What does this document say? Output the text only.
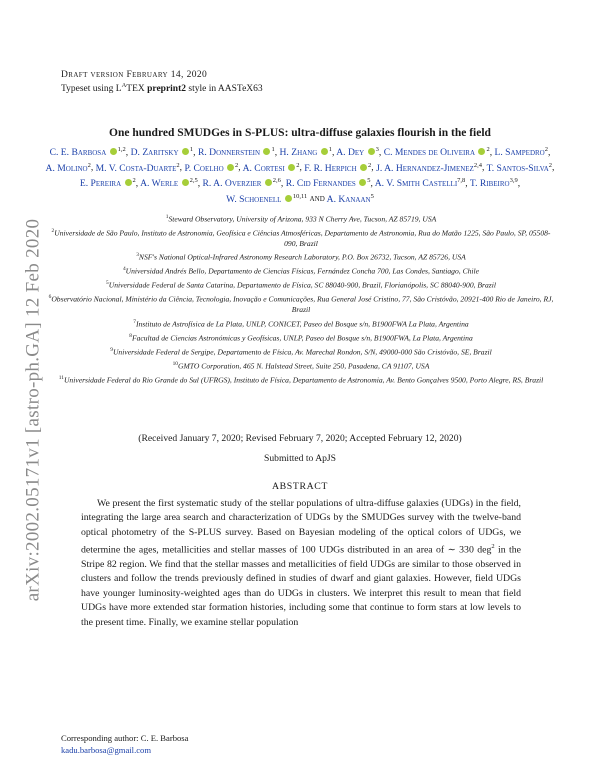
arXiv:2002.05171v1 [astro-ph.GA] 12 Feb 2020
Draft version February 14, 2020
Typeset using $L^ATEX$ preprint2 style in AASTeX63
One hundred SMUDGes in S-PLUS: ultra-diffuse galaxies flourish in the field
C. E. Barbosa $^{1,2}$, D. Zaritsky $^1$, R. Donnerstein $^1$, H. Zhang $^1$, A. Dey $^3$, C. Mendes de Oliveira $^2$, L. Sampedro$^2$, A. Molino$^2$, M. V. Costa-Duarte$^2$, P. Coelho $^2$, A. Cortesi $^2$, F. R. Herpich $^2$, J. A. Hernandez-Jimenez$^{2,4}$, T. Santos-Silva$^2$, E. Pereira $^2$, A. Werle $^{2,5}$, R. A. Overzier $^{2,6}$, R. Cid Fernandes $^5$, A. V. Smith Castelli$^{7,8}$, T. Ribeiro$^{3,9}$, W. Schoenell $^{10,11}$ and A. Kanaan$^5$
$^1$Steward Observatory, University of Arizona, 933 N Cherry Ave, Tucson, AZ 85719, USA
$^2$Universidade de São Paulo, Instituto de Astronomia, Geofísica e Ciências Atmosféricas, Departamento de Astronomia, Rua do Matão 1225, São Paulo, SP, 05508-090, Brazil
$^3$NSF's National Optical-Infrared Astronomy Research Laboratory, P.O. Box 26732, Tucson, AZ 85726, USA
$^4$Universidad Andrés Bello, Departamento de Ciencias Físicas, Fernández Concha 700, Las Condes, Santiago, Chile
$^5$Universidade Federal de Santa Catarina, Departamento de Física, SC 88040-900, Brazil, Florianópolis, SC 88040-900, Brazil
$^6$Observatório Nacional, Ministério da Ciência, Tecnologia, Inovação e Comunicações, Rua General José Cristino, 77, São Cristóvão, 20921-400 Rio de Janeiro, RJ, Brazil
$^7$Instituto de Astrofísica de La Plata, UNLP, CONICET, Paseo del Bosque s/n, B1900FWA La Plata, Argentina
$^8$Facultad de Ciencias Astronómicas y Geofísicas, UNLP, Paseo del Bosque s/n, B1900FWA, La Plata, Argentina
$^9$Universidade Federal de Sergipe, Departamento de Física, Av. Marechal Rondon, S/N, 49000-000 São Cristóvão, SE, Brazil
$^{10}$GMTO Corporation, 465 N. Halstead Street, Suite 250, Pasadena, CA 91107, USA
$^{11}$Universidade Federal do Rio Grande do Sul (UFRGS), Instituto de Física, Departamento de Astronomia, Av. Bento Gonçalves 9500, Porto Alegre, RS, Brazil
(Received January 7, 2020; Revised February 7, 2020; Accepted February 12, 2020)
Submitted to ApJS
ABSTRACT

We present the first systematic study of the stellar populations of ultra-diffuse galaxies (UDGs) in the field, integrating the large area search and characterization of UDGs by the SMUDGes survey with the twelve-band optical photometry of the S-PLUS survey. Based on Bayesian modeling of the optical colors of UDGs, we determine the ages, metallicities and stellar masses of 100 UDGs distributed in an area of ∼ 330 deg$^2$ in the Stripe 82 region. We find that the stellar masses and metallicities of field UDGs are similar to those observed in clusters and follow the trends previously defined in studies of dwarf and giant galaxies. However, field UDGs have younger luminosity-weighted ages than do UDGs in clusters. We interpret this result to mean that field UDGs have more extended star formation histories, including some that continue to form stars at low levels to the present time. Finally, we examine stellar population

Corresponding author: C. E. Barbosa
kadu.barbosa@gmail.com
